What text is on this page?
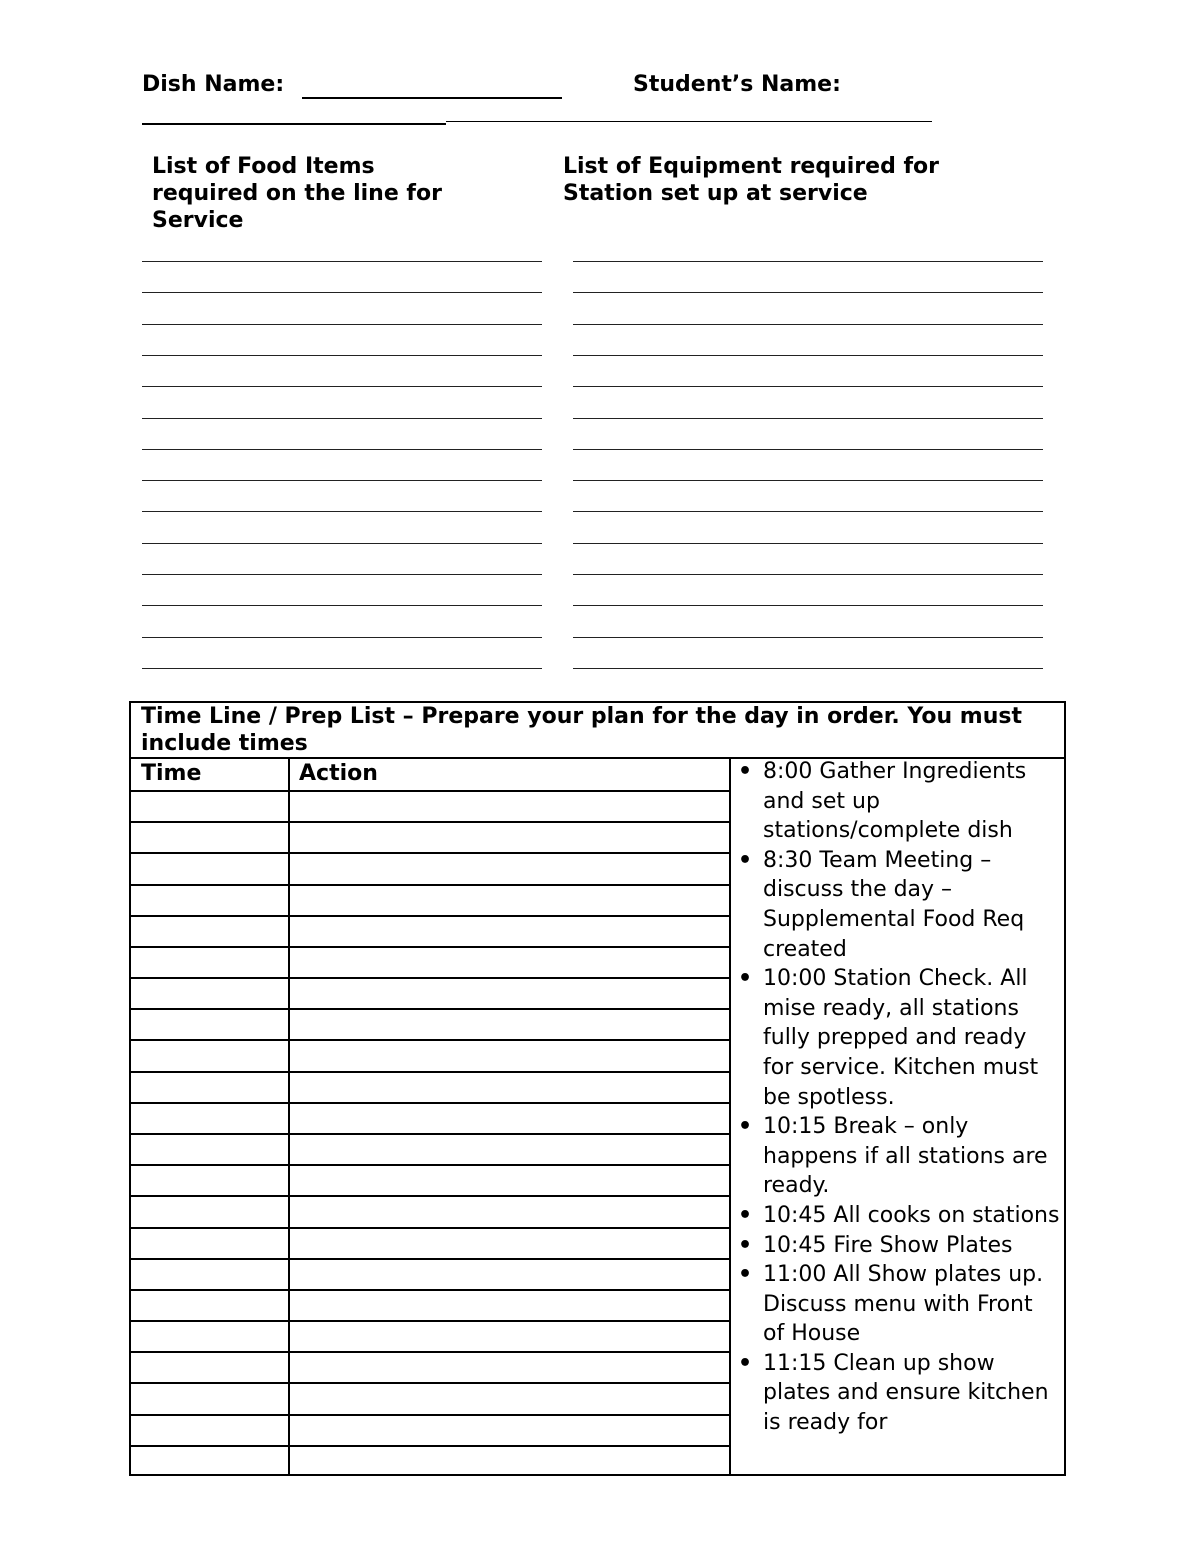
Dish Name:	Student’s Name:
List of Food Items required on the line for Service
List of Equipment required for Station set up at service
Time Line / Prep List – Prepare your plan for the day in order. You must include times
Time	Action	• 8:00 Gather Ingredients and set up stations/complete dish
• 8:30 Team Meeting – discuss the day – Supplemental Food Req created
• 10:00 Station Check. All mise ready, all stations fully prepped and ready for service. Kitchen must be spotless.
• 10:15 Break – only happens if all stations are ready.
• 10:45 All cooks on stations
• 10:45 Fire Show Plates
• 11:00 All Show plates up. Discuss menu with Front of House
• 11:15 Clean up show plates and ensure kitchen is ready for
